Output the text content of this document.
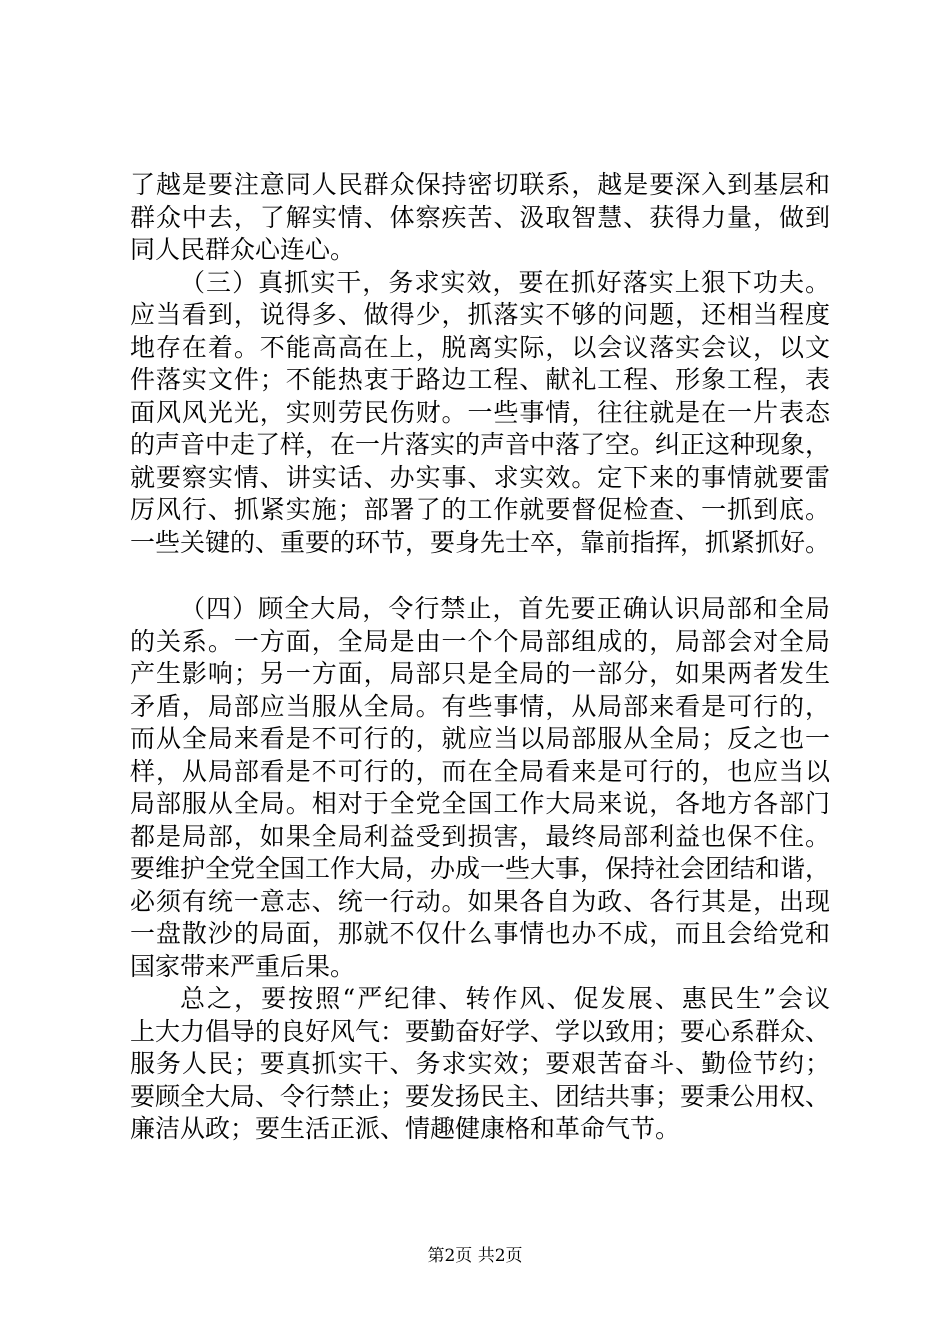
了越是要注意同人民群众保持密切联系，越是要深入到基层和
群众中去，了解实情、体察疾苦、汲取智慧、获得力量，做到
同人民群众心连心。
（三）真抓实干，务求实效，要在抓好落实上狠下功夫。
应当看到，说得多、做得少，抓落实不够的问题，还相当程度
地存在着。不能高高在上，脱离实际，以会议落实会议，以文
件落实文件；不能热衷于路边工程、献礼工程、形象工程，表
面风风光光，实则劳民伤财。一些事情，往往就是在一片表态
的声音中走了样，在一片落实的声音中落了空。纠正这种现象，
就要察实情、讲实话、办实事、求实效。定下来的事情就要雷
厉风行、抓紧实施；部署了的工作就要督促检查、一抓到底。
一些关键的、重要的环节，要身先士卒，靠前指挥，抓紧抓好。
（四）顾全大局，令行禁止，首先要正确认识局部和全局
的关系。一方面，全局是由一个个局部组成的，局部会对全局
产生影响；另一方面，局部只是全局的一部分，如果两者发生
矛盾，局部应当服从全局。有些事情，从局部来看是可行的，
而从全局来看是不可行的，就应当以局部服从全局；反之也一
样，从局部看是不可行的，而在全局看来是可行的，也应当以
局部服从全局。相对于全党全国工作大局来说，各地方各部门
都是局部，如果全局利益受到损害，最终局部利益也保不住。
要维护全党全国工作大局，办成一些大事，保持社会团结和谐，
必须有统一意志、统一行动。如果各自为政、各行其是，出现
一盘散沙的局面，那就不仅什么事情也办不成，而且会给党和
国家带来严重后果。
总之，要按照“严纪律、转作风、促发展、惠民生”会议
上大力倡导的良好风气：要勤奋好学、学以致用；要心系群众、
服务人民；要真抓实干、务求实效；要艰苦奋斗、勤俭节约；
要顾全大局、令行禁止；要发扬民主、团结共事；要秉公用权、
廉洁从政；要生活正派、情趣健康格和革命气节。
第2页 共2页
